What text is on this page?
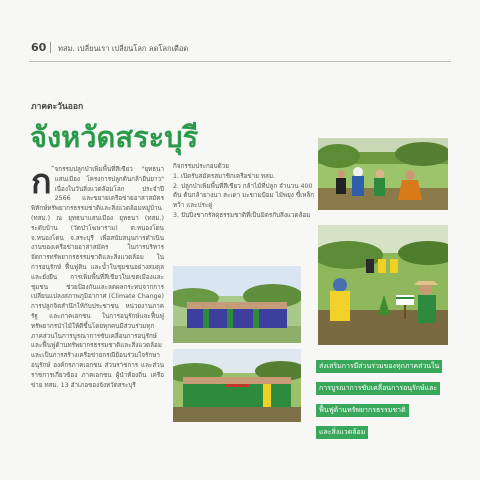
60 ทสม. เปลี่ยนเรา เปลี่ยนโลก ลดโลกเดือด
ภาคตะวันออก
จังหวัดสระบุรี
ก ิจกรรมปลูกป่าเพิ่มพื้นที่สีเขียว "ยุทธนาแสนเมือง โครงการปลูกต้นกล้ายืนยาว" เนื่องในวันสิ่งแวดล้อมโลก ประจำปี 2566 และขยายเครือข่ายอาสาสมัครพิทักษ์ทรัพยากรธรรมชาติและสิ่งแวดล้อมหมู่บ้าน (ทสม.) ณ ยุทธนาแสนเมือง ยุทธนา (ทสม.) ระดับบ้าน (วัดป่าโฆษาราม) ต.หนองโดน จ.หนองโดน จ.สระบุรี เพื่อสนับสนุนการดำเนินงานของเครือข่ายอาสาสมัคร ในการบริหารจัดการทรัพยากรธรรมชาติและสิ่งแวดล้อม ในการอนุรักษ์ ฟื้นฟูดิน และน้ำในชุมชนอย่างสมดุลและยั่งยืน การเพิ่มพื้นที่สีเขียวในเขตเมืองและชุมชน ช่วยป้องกันและลดผลกระทบจากการเปลี่ยนแปลงสภาพภูมิอากาศ (Climate Change) การปลูกจิตสำนึกให้กับประชาชน หน่วยงานภาครัฐ และภาคเอกชน ในการอนุรักษ์และฟื้นฟูทรัพยากรป่าไม้ให้ดีขึ้นโดยทุกคนมีส่วนร่วมทุกภาคส่วนในการบูรณาการขับเคลื่อนการอนุรักษ์และฟื้นฟูด้านทรัพยากรธรรมชาติและสิ่งแวดล้อม และเป็นการสร้างเครือข่ายกรณีย้อนร่วมใจรักษาอนุรักษ์ องค์กรภาคเอกชน ส่วนราชการ และส่วนราชการเกี่ยวข้อง ภาคเอกชน ผู้นำท้องถิ่น เครือข่าย ทสม. 13 อำเภอของจังหวัดสระบุรี

กิจกรรมประกอบด้วย

1. เปิดรับสมัครสมาชิกเครือข่าย ทสม.

2. ปลูกป่าเพิ่มพื้นที่สีเขียว กล้าไม้ที่ปลูก จำนวน 400 ต้น ต้นกล้ายางนา สะเดา มะขามป้อม ไม้พยุง ขี้เหล็ก หว้า และประดู่

3. ปันปิ่งชากรัสดุธรรมชาติที่เป็นมิตรกับสิ่งแวดล้อม

ส่งเสริมการมีส่วนร่วมของทุกภาคส่วนใน
การบูรณาการขับเคลื่อนการอนุรักษ์และ
ฟื้นฟูด้านทรัพยากรธรรมชาติ
และสิ่งแวดล้อม
